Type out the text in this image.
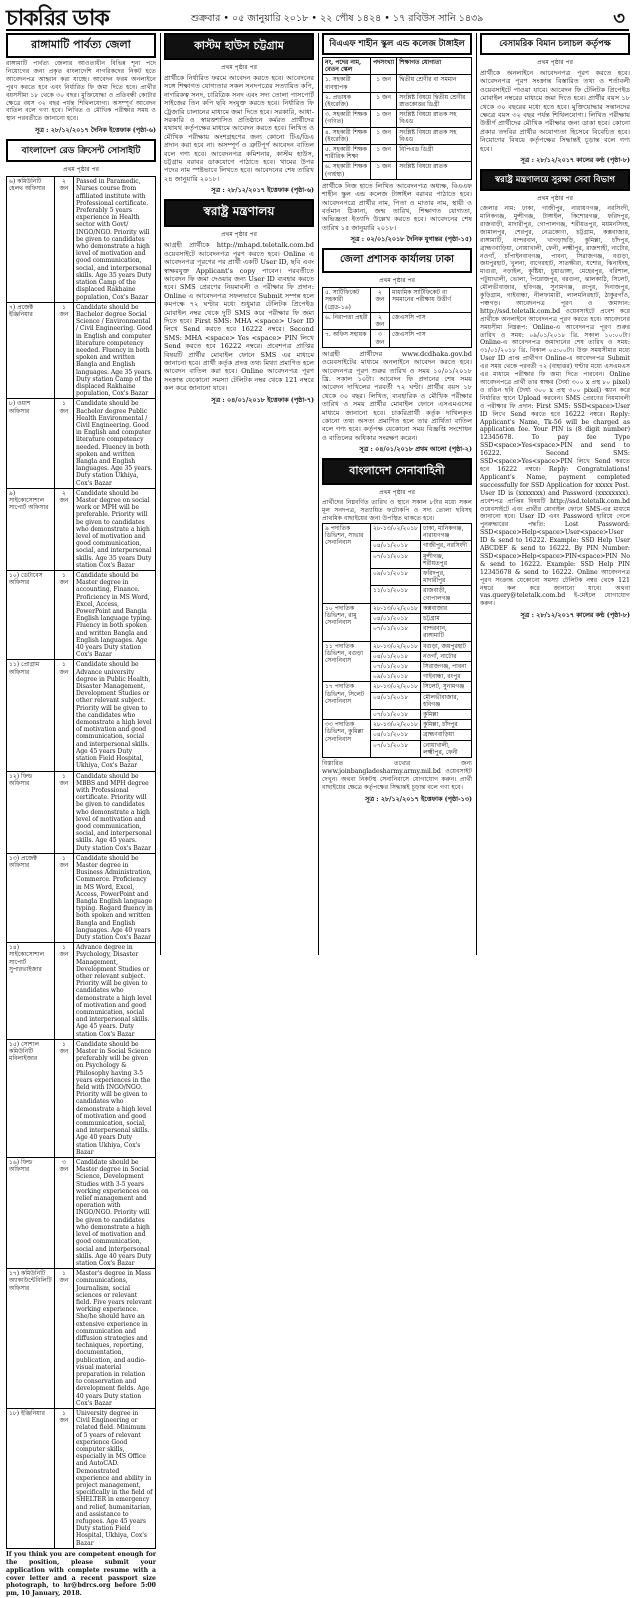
চাকরির ডাক	শুক্রবার • ০৫ জানুয়ারি ২০১৮ • ২২ পৌষ ১৪২৪ • ১৭ রবিউস সানি ১৪৩৯	৩
রাঙ্গামাটি পার্বত্য জেলা

রাঙ্গামাটি পার্বত্য জেলার আওতাধীন বিভিন্ন শূন্য পদে নিয়োগের জন্য প্রকৃত বাংলাদেশি নাগরিকদের নিকট হতে আবেদনপত্র আহ্বান করা যাচ্ছে। আবেদন ফরম অনলাইনে পূরণ করতে হবে এবং নির্ধারিত ফি জমা দিতে হবে। প্রার্থীর বয়সসীমা ১৮ থেকে ৩০ বছর। মুক্তিযোদ্ধা ও প্রতিবন্ধী কোটার ক্ষেত্রে বয়স ৩২ বছর পর্যন্ত শিথিলযোগ্য। অসম্পূর্ণ আবেদন বাতিল বলে গণ্য হবে। লিখিত ও মৌখিক পরীক্ষার সময় ও স্থান পরবর্তীতে জানানো হবে।

সূত্র : ২৮/১২/২০১৭ দৈনিক ইত্তেফাক (পৃষ্ঠা-৬)
বাংলাদেশ রেড ক্রিসেন্ট সোসাইটি
প্রথম পৃষ্ঠার পর
৬) কমিউনিটি হেলথ অফিসার	২ জন	Passed in Paramedic, Nurses course from affiliated institute with Professional certificate. Preferably 5 years experience in Health sector with Govt/ INGO/NGO. Priority will be given to candidates who demonstrate a high level of motivation and good communication, social, and interpersonal skills. Age 35 years Duty station Camp of the displaced Rakhaine population, Cox's Bazar
৭) প্রজেক্ট ইঞ্জিনিয়ার	১ জন	Candidate should be Bachelor degree Social Science / Environmental / Civil Engineering. Good in English and computer literature competency needed. Fluency in both spoken and written Bangla and English languages. Age 35 years. Duty station Camp of the displaced Rakhaine population, Cox's Bazar
৮) ওয়াশ অফিসার	১ জন	Candidate should be Bachelor degree Public Health Environmental / Civil Engineering. Good in English and computer literature competency needed. Fluency in both spoken and written Bangla and English languages. Age 35 years. Duty station Ukhiya, Cox's Bazar
৯) সাইকোসোশাল সাপোর্ট অফিসার	২ জন	Candidate should be Master degree on social work or MPH will be preferable. Priority will be given to candidates who demonstrate a high level of motivation and good communication, social, and interpersonal skills. Age 35 years Duty station Cox's Bazar
১০) ডেটাবেস অফিসার	১ জন	Candidate should be Master degree in accounting, Finance. Proficiency in MS Word, Excel, Access, PowerPoint and Bangla English language typing. Fluency in both spoken and written Bangla and English languages. Age 40 years Duty station Cox's Bazar
১১) প্রোগ্রাম অফিসার	১ জন	Candidate should be Advance university degree in Public Health, Disaster Management, Development Studies or other relevant subject. Priority will be given to the candidates who demonstrate a high level of motivation and good communication, social and interpersonal skills. Age 45 years Duty station Field Hospital, Ukhiya, Cox's Bazar
১২) ফিল্ড অফিসার	১ জন	Candidate should be MBBS and MPH degree with Professional certificate. Priority will be given to candidates who demonstrate a high level of motivation and good communication, social, and interpersonal skills. Age 45 years. Duty station Cox's Bazar
১৩) প্রজেক্ট অফিসার	১ জন	Candidate should be Master degree in Business Administration, Commerce. Proficiency in MS Word, Excel, Access, PowerPoint and Bangla English language typing. Regard fluency in both spoken and written Bangla and English languages. Age 40 years Duty station Cox's Bazar
১৪) সাইকোসোশাল সাপোর্ট সুপারভাইজার	১ জন	Advance degree in Psychology, Disaster Management, Development Studies or other relevant subject. Priority will be given to candidates who demonstrate a high level of motivation and good communication, social and interpersonal skills. Age 45 years. Duty station Cox's Bazar
১৫) সোশাল কমিউনিটি মবিলাইজার	১ জন	Candidate should be Master in Social Science preferably will be given on Psychology & Philosophy having 3-5 years experiences in the field with INGO/NGO. Priority will be given to candidates who demonstrate a high level of motivation and good communication, social, and interpersonal skills. Age 40 years Duty station Ukhiya, Cox's Bazar
১৬) ফিল্ড অফিসার	৩ জন	Candidate should be Master degree in Social Science, Development Studies with 3-5 years working experiences on relief management and operation with INGO/NGO. Priority will be given to candidates who demonstrate a high level of motivation and good communication, social and interpersonal skills. Age 40 years Duty station Cox's Bazar
১৭) কমিউনিটি অ্যাকাউন্টেবিলিটি অফিসার	১ জন	Master's degree in Mass communications, Journalism, social sciences or relevant field. Five years relevant working experience. She/he should have an extensive experience in communication and diffusion strategies and techniques, reporting, documentation, publication, and audio-visual material preparation in relation to conservation and development fields. Age 40 years Duty station Cox's Bazar
১৮) ইঞ্জিনিয়ার	১ জন	University degree in Civil Engineering or related field. Minimum of 5 years of relevant experience Good computer skills, especially in MS Office and AutoCAD. Demonstrated experience and ability in project management, specifically in the field of SHELTER in emergency and relief, humanitarian, and assistance to refugees. Age 45 years Duty station Field Hospital, Ukhiya, Cox's Bazar

If you think you are competent enough for the position, please submit your application with complete resume with a cover letter and a recent passport size photograph, to hr@bdrcs.org before 5:00 pm, 10 January, 2018.

কাস্টম হাউস চট্টগ্রাম
প্রথম পৃষ্ঠার পর

প্রার্থীকে নির্ধারিত ফরমে আবেদন করতে হবে। আবেদনের সঙ্গে শিক্ষাগত যোগ্যতার সকল সনদপত্রের সত্যায়িত কপি, নাগরিকত্ব সনদ, চারিত্রিক সনদ এবং সদ্য তোলা পাসপোর্ট সাইজের তিন কপি ছবি সংযুক্ত করতে হবে। নির্ধারিত ফি ট্রেজারি চালানের মাধ্যমে জমা দিতে হবে। সরকারি, আধা-সরকারি ও স্বায়ত্তশাসিত প্রতিষ্ঠানে কর্মরত প্রার্থীদের যথাযথ কর্তৃপক্ষের মাধ্যমে আবেদন করতে হবে। লিখিত ও মৌখিক পরীক্ষায় অংশগ্রহণের জন্য কোনো টিএ/ডিএ প্রদান করা হবে না। অসম্পূর্ণ ও ত্রুটিপূর্ণ আবেদন বাতিল বলে গণ্য হবে। আবেদনপত্র কমিশনার, কাস্টম হাউস, চট্টগ্রাম বরাবর ডাকযোগে পাঠাতে হবে। খামের উপর পদের নাম স্পষ্টভাবে লিখতে হবে। আবেদনের শেষ তারিখ ২৪ জানুয়ারি ২০১৮।

সূত্র : ২৮/১২/২০১৭ ইত্তেফাক (পৃষ্ঠা-৬)
স্বরাষ্ট্র মন্ত্রণালয়
প্রথম পৃষ্ঠার পর

আগ্রহী প্রার্থীকে http://mhapd.teletalk.com.bd ওয়েবসাইটে আবেদনপত্র পূরণ করতে হবে। Online এ আবেদনপত্র পূরণের পর প্রার্থী একটি User ID, ছবি এবং স্বাক্ষরযুক্ত Applicant's copy পাবেন। পরবর্তীতে আবেদন ফি জমা দেওয়ার জন্য User ID ব্যবহার করতে হবে। SMS প্রেরণের নিয়মাবলী ও পরীক্ষার ফি প্রদান: Online এ আবেদনপত্র সফলভাবে Submit সম্পন্ন হলে কমপক্ষে ৭২ ঘণ্টার মধ্যে শুধুমাত্র টেলিটক প্রিপেইড মোবাইল নম্বর থেকে দুটি SMS করে পরীক্ষার ফি জমা দিতে হবে। First SMS: MHA <space> User ID লিখে Send করতে হবে 16222 নম্বরে। Second SMS: MHA <space> Yes <space> PIN লিখে Send করতে হবে 16222 নম্বরে। প্রবেশপত্র প্রাপ্তির বিষয়টি প্রার্থীর মোবাইল ফোনে SMS এর মাধ্যমে জানানো হবে। প্রার্থী কর্তৃক প্রদত্ত তথ্য মিথ্যা প্রমাণিত হলে আবেদন বাতিল করা হবে। Online আবেদনপত্র পূরণ সংক্রান্ত যেকোনো সমস্যা টেলিটক নম্বর থেকে 121 নম্বরে কল করে জানানো যাবে।

সূত্র : ০৪/০১/২০১৮ ইত্তেফাক (পৃষ্ঠা-৭)
বিএএফ শাহীন স্কুল এন্ড কলেজ টাঙ্গাইল
নং, পদের নাম, বেতন স্কেল	পদসংখ্যা	শিক্ষাগত যোগ্যতা
১. সহকারী ব্যবস্থাপক	১ জন	দ্বিতীয় শ্রেণীর বা সমমান
২. প্রভাষক (ইংরেজি)	১ জন	সংশ্লিষ্ট বিষয়ে দ্বিতীয় শ্রেণীর স্নাতকোত্তর ডিগ্রী
৩. সহকারী শিক্ষক (গণিত)	১ জন	সংশ্লিষ্ট বিষয়ে স্নাতক সহ বিএড
৪. সহকারী শিক্ষক (ইংরেজি)	১ জন	সংশ্লিষ্ট বিষয়ে স্নাতক সহ বিএড
৫. সহকারী শিক্ষক শারীরিক শিক্ষা	১ জন	বিপিএড ডিগ্রী
৬. সহকারী শিক্ষক (গার্হস্থ্য)	১ জন	সংশ্লিষ্ট বিষয়ে স্নাতক

প্রার্থীকে নিজ হাতে লিখিত আবেদনপত্র অধ্যক্ষ, বিএএফ শাহীন স্কুল এন্ড কলেজ টাঙ্গাইল বরাবর পাঠাতে হবে। আবেদনপত্রে প্রার্থীর নাম, পিতা ও মাতার নাম, স্থায়ী ও বর্তমান ঠিকানা, জন্ম তারিখ, শিক্ষাগত যোগ্যতা, অভিজ্ঞতা ইত্যাদি উল্লেখ করতে হবে। আবেদনের শেষ তারিখ ১৫ জানুয়ারি ২০১৮।

সূত্র : ০২/০১/২০১৮ দৈনিক যুগান্তর (পৃষ্ঠা-১৫)
জেলা প্রশাসক কার্যালয় ঢাকা
প্রথম পৃষ্ঠার পর
৫. সার্টিফিকেট সহকারী (গ্রেড-১৬)	২ জন	মাধ্যমিক সার্টিফিকেট বা সমমানের পরীক্ষায় উত্তীর্ণ
৬. নিরাপত্তা প্রহরী	২ জন	জেএসসি পাস
৭. অফিস সহায়ক	৩ জন	জেএসসি পাস

আগ্রহী প্রার্থীদের www.dcdhaka.gov.bd ওয়েবসাইটের মাধ্যমে অনলাইনে আবেদন করতে হবে। আবেদনপত্র পূরণ শুরুর তারিখ ও সময় ১০/০১/২০১৮ খ্রি. সকাল ১০টা। আবেদন ফি প্রদানের শেষ সময় আবেদন দাখিলের পরবর্তী ৭২ ঘণ্টা। প্রার্থীর বয়স ১৮ থেকে ৩০ বছর। লিখিত, ব্যবহারিক ও মৌখিক পরীক্ষার তারিখ ও সময় প্রার্থীর মোবাইল ফোনে এসএমএসের মাধ্যমে জানানো হবে। চাকরিপ্রার্থী কর্তৃক দাখিলকৃত কোনো তথ্য অসত্য প্রমাণিত হলে তার প্রার্থিতা বাতিল বলে গণ্য হবে। কর্তৃপক্ষ যেকোনো সময় বিজ্ঞপ্তি সংশোধন ও বাতিলের অধিকার সংরক্ষণ করেন।

সূত্র : ০৪/০১/২০১৮ প্রথম আলো (পৃষ্ঠা-২)
বাংলাদেশ সেনাবাহিনী
প্রথম পৃষ্ঠার পর

প্রার্থীদের নিম্নবর্ণিত তারিখ ও স্থানে সকাল ৮টার মধ্যে সকল মূল সনদপত্র, সত্যায়িত ফটোকপি ও সদ্য তোলা ছবিসহ প্রাথমিক বাছাইয়ের জন্য উপস্থিত থাকতে হবে।

৯ পদাতিক ডিভিশন, সাভার সেনানিবাস	২৮-১৩/০২/২০১৮	ঢাকা, মানিকগঞ্জ, নারায়ণগঞ্জ
	০৪/০১/২০১৮	গাজীপুর, নরসিংদী
	০৭/০১/২০১৮	মুন্সীগঞ্জ, শরীয়তপুর
	০৯/০১/২০১৮	ফরিদপুর, মাদারীপুর
	১১/০১/২০১৮	রাজবাড়ী, গোপালগঞ্জ
১০ পদাতিক ডিভিশন, রামু সেনানিবাস	২৮-১৩/০২/২০১৮	কক্সবাজার
	০৪/০১/২০১৮	চট্টগ্রাম
	০৭/০১/২০১৮	বান্দরবান, রাঙ্গামাটি
১১ পদাতিক ডিভিশন, বগুড়া সেনানিবাস	২৮-১৩/০২/২০১৮	বগুড়া, জয়পুরহাট
	০৪/০১/২০১৮	নওগাঁ, নাটোর
	০৭/০১/২০১৮	সিরাজগঞ্জ, পাবনা
	০৯/০১/২০১৮	গাইবান্ধা, রংপুর
১৭ পদাতিক ডিভিশন, সিলেট সেনানিবাস	২৮-১৩/০২/২০১৮	সিলেট, সুনামগঞ্জ
	০৪/০১/২০১৮	মৌলভীবাজার, হবিগঞ্জ
	০৭/০১/২০১৮	কুমিল্লা
৩৩ পদাতিক ডিভিশন, কুমিল্লা সেনানিবাস	২৮-১৩/০২/২০১৮	কুমিল্লা, চাঁদপুর
	০৪/০১/২০১৮	ব্রাহ্মণবাড়িয়া
	০৭/০১/২০১৮	নোয়াখালী, লক্ষ্মীপুর, ফেনী

বিস্তারিত তথ্যের জন্য www.joinbangladesharmy.army.mil.bd ওয়েবসাইট দেখুন। অথবা নিকটস্থ সেনানিবাসে যোগাযোগ করুন। প্রার্থী বাছাইয়ের ক্ষেত্রে কর্তৃপক্ষের সিদ্ধান্তই চূড়ান্ত বলে গণ্য হবে।

সূত্র : ২৮/১২/২০১৭ ইত্তেফাক (পৃষ্ঠা-১৩)
বেসামরিক বিমান চলাচল কর্তৃপক্ষ
প্রথম পৃষ্ঠার পর

প্রার্থীকে অনলাইনে আবেদনপত্র পূরণ করতে হবে। আবেদনপত্র পূরণ সংক্রান্ত বিস্তারিত তথ্য ও শর্তাবলী ওয়েবসাইটে পাওয়া যাবে। আবেদন ফি টেলিটক প্রিপেইড মোবাইল নম্বরের মাধ্যমে জমা দিতে হবে। প্রার্থীর বয়স ১৮ থেকে ৩০ বছরের মধ্যে হতে হবে। মুক্তিযোদ্ধার সন্তানদের ক্ষেত্রে বয়স ৩২ বছর পর্যন্ত শিথিলযোগ্য। লিখিত পরীক্ষায় উত্তীর্ণ প্রার্থীদের মৌখিক পরীক্ষার জন্য ডাকা হবে। কোনো প্রকার তদবির প্রার্থীর অযোগ্যতা হিসেবে বিবেচিত হবে। নিয়োগের বিষয়ে কর্তৃপক্ষের সিদ্ধান্তই চূড়ান্ত বলে গণ্য হবে।

সূত্র : ২৮/১২/২০১৭ কালের কণ্ঠ (পৃষ্ঠা-৮)
স্বরাষ্ট্র মন্ত্রণালয়ে সুরক্ষা সেবা বিভাগ
প্রথম পৃষ্ঠার পর

জেলার নাম: ঢাকা, গাজীপুর, নারায়ণগঞ্জ, নরসিংদী, মানিকগঞ্জ, মুন্সীগঞ্জ, টাঙ্গাইল, কিশোরগঞ্জ, ফরিদপুর, রাজবাড়ী, মাদারীপুর, গোপালগঞ্জ, শরীয়তপুর, ময়মনসিংহ, জামালপুর, শেরপুর, নেত্রকোণা, চট্টগ্রাম, কক্সবাজার, রাঙ্গামাটি, বান্দরবান, খাগড়াছড়ি, কুমিল্লা, চাঁদপুর, ব্রাহ্মণবাড়িয়া, নোয়াখালী, ফেনী, লক্ষ্মীপুর, রাজশাহী, নাটোর, নওগাঁ, চাঁপাইনবাবগঞ্জ, পাবনা, সিরাজগঞ্জ, বগুড়া, জয়পুরহাট, খুলনা, বাগেরহাট, সাতক্ষীরা, যশোর, ঝিনাইদহ, মাগুরা, নড়াইল, কুষ্টিয়া, চুয়াডাঙ্গা, মেহেরপুর, বরিশাল, পটুয়াখালী, ভোলা, পিরোজপুর, বরগুনা, ঝালকাঠি, সিলেট, মৌলভীবাজার, হবিগঞ্জ, সুনামগঞ্জ, রংপুর, দিনাজপুর, কুড়িগ্রাম, গাইবান্ধা, নীলফামারী, লালমনিরহাট, ঠাকুরগাঁও, পঞ্চগড়। আবেদনপত্র পূরণ ও জমাদান: http://ssd.teletalk.com.bd ওয়েবসাইটে প্রবেশ করে প্রার্থীকে অনলাইনে আবেদনপত্র পূরণ করতে হবে। আবেদনের সময়সীমা নিম্নরূপ: Online-এ আবেদনপত্র পূরণ শুরুর তারিখ ও সময়: ০৯/০১/২০১৮ খ্রি. সকাল ১০:০০টা। Online-এ আবেদনপত্র জমাদানের শেষ তারিখ ও সময়: ৩১/০১/২০১৮ খ্রি. বিকাল ০৫:০০টা। উক্ত সময়সীমার মধ্যে User ID প্রাপ্ত প্রার্থীগণ Online-এ আবেদনপত্র Submit এর সময় থেকে পরবর্তী ৭২ (বাহাত্তর) ঘণ্টার মধ্যে এসএমএস এর মাধ্যমে পরীক্ষার ফি জমা দিতে পারবেন। Online আবেদনপত্রে প্রার্থী তার স্বাক্ষর (দৈর্ঘ্য ৩০০ x প্রস্থ ৮০ pixel) ও রঙিন ছবি (দৈর্ঘ্য ৩০০ x প্রস্থ ৩০০ pixel) স্ক্যান করে নির্ধারিত স্থানে Upload করবেন। SMS প্রেরণের নিয়মাবলী ও পরীক্ষার ফি প্রদান: First SMS: SSD<space>User ID লিখে Send করতে হবে 16222 নম্বরে। Reply: Applicant's Name, Tk-56 will be charged as application fee. Your PIN is (8 digit number) 12345678. To pay fee Type SSD<space>Yes<space>PIN and send to 16222. Second SMS: SSD<space>Yes<space>PIN লিখে Send করতে হবে 16222 নম্বরে। Reply: Congratulations! Applicant's Name, payment completed successfully for SSD Application for xxxxx Post. User ID is (xxxxxxx) and Password (xxxxxxxx). প্রবেশপত্র প্রাপ্তির বিষয়টি http://ssd.teletalk.com.bd ওয়েবসাইটে এবং প্রার্থীর মোবাইল ফোনে SMS-এর মাধ্যমে জানানো হবে। User ID এবং Password হারিয়ে গেলে পুনরুদ্ধারের পদ্ধতি: Lost Password: SSD<space>Help<space>User<space>User ID & send to 16222. Example: SSD Help User ABCDEF & send to 16222. By PIN Number: SSD<space>Help<space>PIN<space>PIN No & send to 16222. Example: SSD Help PIN 12345678 & send to 16222. Online আবেদনপত্র পূরণ সংক্রান্ত যেকোনো সমস্যা টেলিটক নম্বর থেকে 121 নম্বরে কল করে জানানো যাবে। অথবা vas.query@teletalk.com.bd ই-মেইলে যোগাযোগ করুন।

সূত্র : ২৮/১২/২০১৭ কালের কণ্ঠ (পৃষ্ঠা-৮)
